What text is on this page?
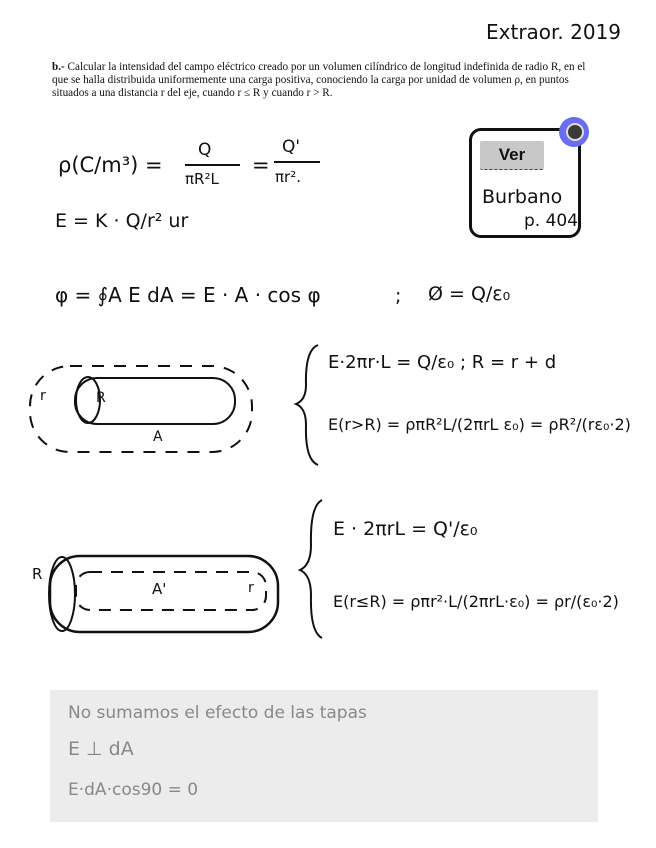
Extraor. 2019
b.- Calcular la intensidad del campo eléctrico creado por un volumen cilíndrico de longitud indefinida de radio R, en el que se halla distribuida uniformemente una carga positiva, conociendo la carga por unidad de volumen ρ, en puntos situados a una distancia r del eje, cuando r ≤ R y cuando r > R.
ρ(C/m³) =
Q
πR²L
=
Q'
πr².
E = K · Q/r² ur
φ = ∮A E dA = E · A · cos φ	; Ø = Q/ε₀
E·2πr·L = Q/ε₀ ; R = r + d
E(r>R) = ρπR²L/(2πrL ε₀) = ρR²/(rε₀·2)
E · 2πrL = Q'/ε₀
E(r≤R) = ρπr²·L/(2πrL·ε₀) = ρr/(ε₀·2)
r	R
A
R
A'	r
Ver
Burbano
p. 404
No sumamos el efecto de las tapas
E ⊥ dA
E·dA·cos90 = 0
